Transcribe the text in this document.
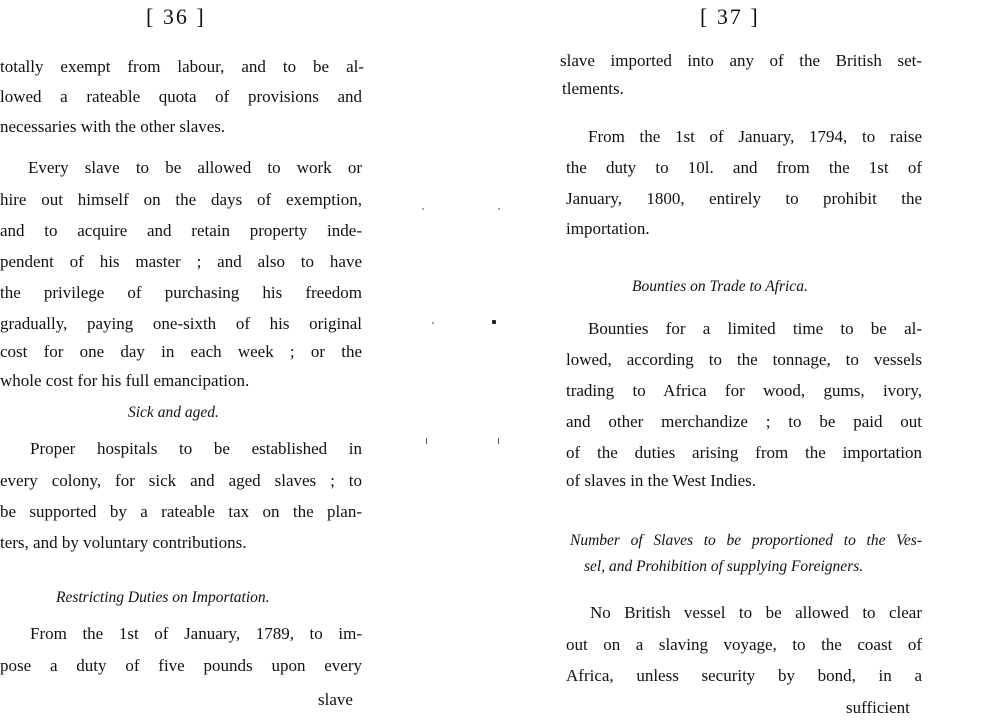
[ 36 ]
totally exempt from labour, and to be al-
lowed a rateable quota of provisions and
necessaries with the other slaves.
Every slave to be allowed to work or
hire out himself on the days of exemption,
and to acquire and retain property inde-
pendent of his master ; and also to have
the privilege of purchasing his freedom
gradually, paying one-sixth of his original
cost for one day in each week ; or the
whole cost for his full emancipation.
Sick and aged.
Proper hospitals to be established in
every colony, for sick and aged slaves ; to
be supported by a rateable tax on the plan-
ters, and by voluntary contributions.
Restricting Duties on Importation.
From the 1st of January, 1789, to im-
pose a duty of five pounds upon every
slave
[ 37 ]
slave imported into any of the British set-
tlements.
From the 1st of January, 1794, to raise
the duty to 10l. and from the 1st of
January, 1800, entirely to prohibit the
importation.
Bounties on Trade to Africa.
Bounties for a limited time to be al-
lowed, according to the tonnage, to vessels
trading to Africa for wood, gums, ivory,
and other merchandize ; to be paid out
of the duties arising from the importation
of slaves in the West Indies.
Number of Slaves to be proportioned to the Ves-
sel, and Prohibition of supplying Foreigners.
No British vessel to be allowed to clear
out on a slaving voyage, to the coast of
Africa, unless security by bond, in a
sufficient
